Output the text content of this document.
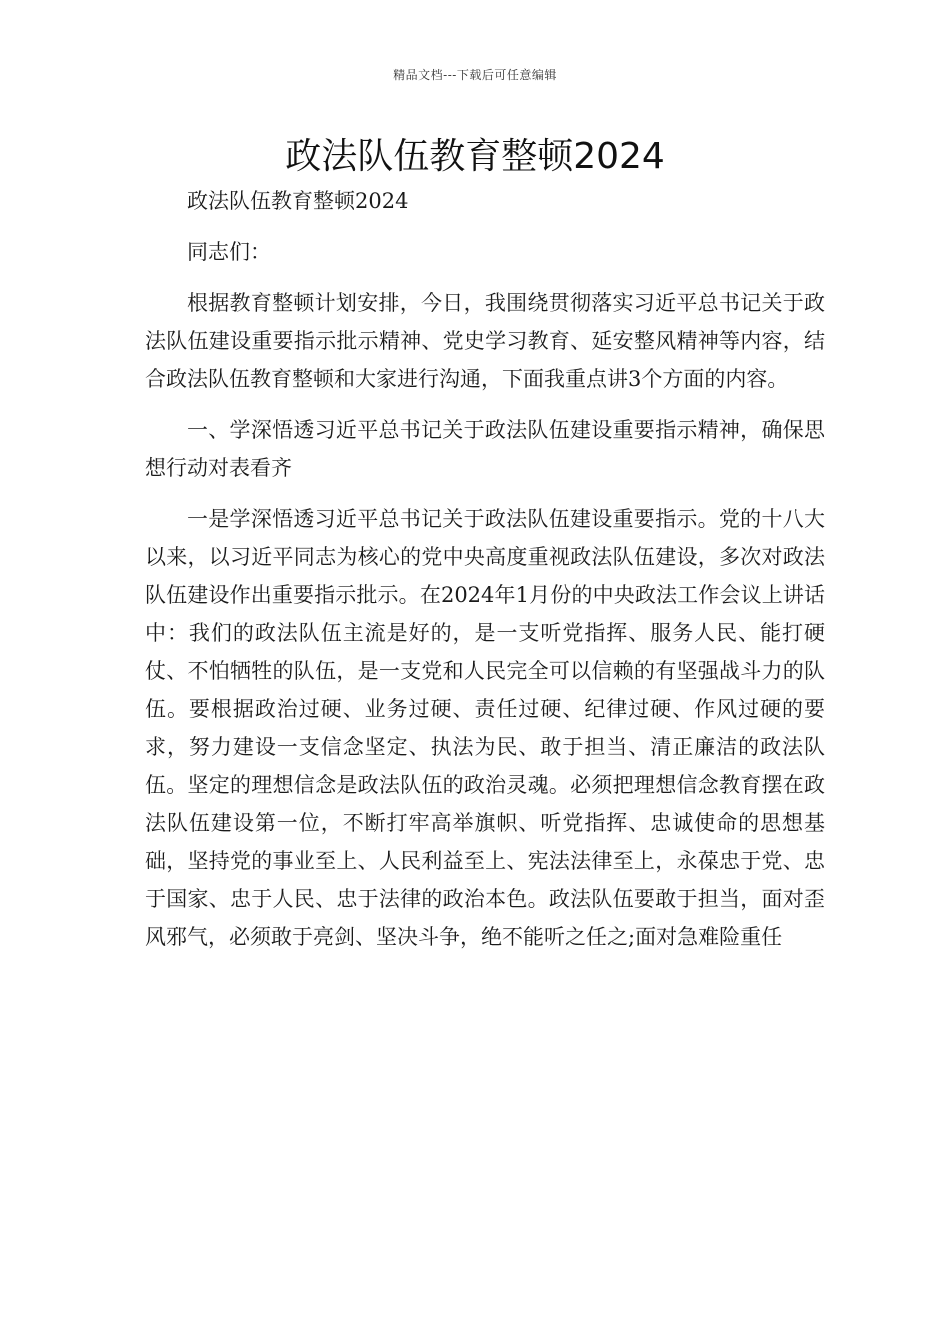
精品文档---下载后可任意编辑
政法队伍教育整顿2024

政法队伍教育整顿2024

同志们：

根据教育整顿计划安排，今日，我围绕贯彻落实习近平总书记关于政法队伍建设重要指示批示精神、党史学习教育、延安整风精神等内容，结合政法队伍教育整顿和大家进行沟通，下面我重点讲3个方面的内容。

一、学深悟透习近平总书记关于政法队伍建设重要指示精神，确保思想行动对表看齐

一是学深悟透习近平总书记关于政法队伍建设重要指示。党的十八大以来，以习近平同志为核心的党中央高度重视政法队伍建设，多次对政法队伍建设作出重要指示批示。在2024年1月份的中央政法工作会议上讲话中：我们的政法队伍主流是好的，是一支听党指挥、服务人民、能打硬仗、不怕牺牲的队伍，是一支党和人民完全可以信赖的有坚强战斗力的队伍。要根据政治过硬、业务过硬、责任过硬、纪律过硬、作风过硬的要求，努力建设一支信念坚定、执法为民、敢于担当、清正廉洁的政法队伍。坚定的理想信念是政法队伍的政治灵魂。必须把理想信念教育摆在政法队伍建设第一位，不断打牢高举旗帜、听党指挥、忠诚使命的思想基础，坚持党的事业至上、人民利益至上、宪法法律至上，永葆忠于党、忠于国家、忠于人民、忠于法律的政治本色。政法队伍要敢于担当，面对歪风邪气，必须敢于亮剑、坚决斗争，绝不能听之任之;面对急难险重任
